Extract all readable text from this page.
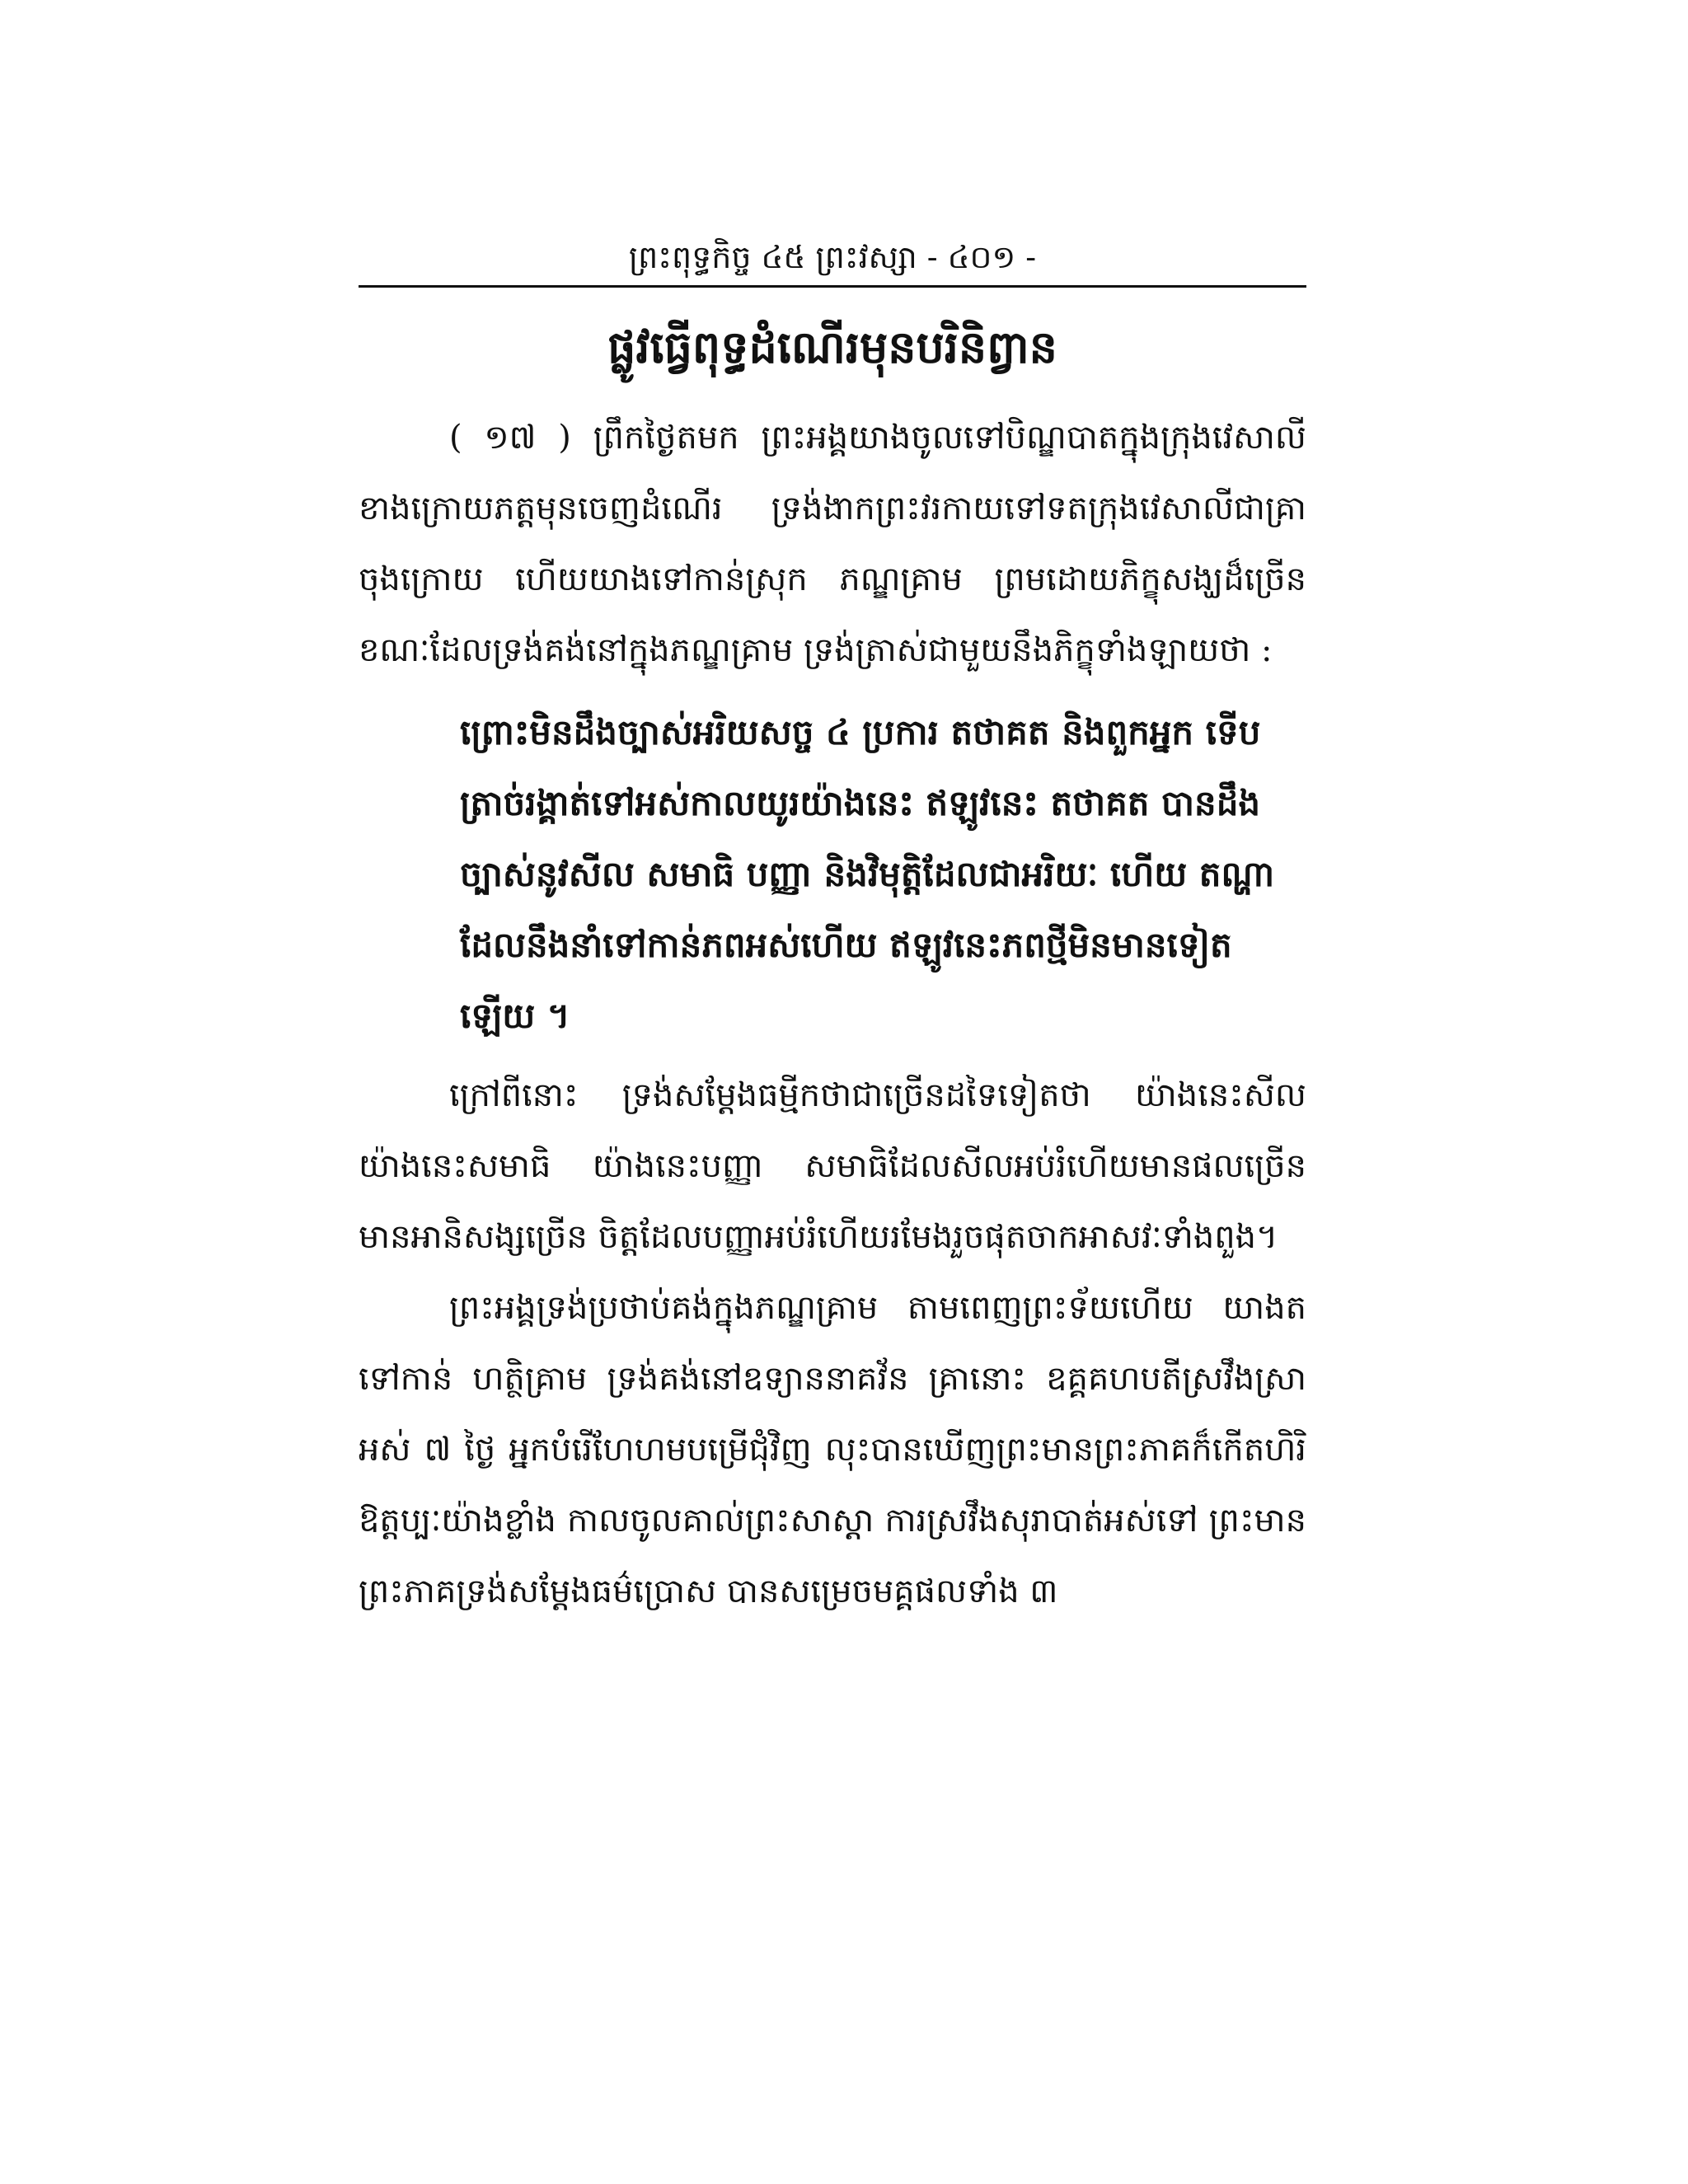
ព្រះពុទ្ធកិច្ច ៤៥ ព្រះវស្សា - ៤០១ -
ផ្លូវធ្វើពុទ្ធដំណើរមុនបរិនិព្វាន
( ១៧ ) ព្រឹកថ្ងៃតមក ព្រះអង្គយាងចូលទៅបិណ្ឌបាតក្នុងក្រុងវេសាលី ខាងក្រោយភត្តមុនចេញដំណើរ ទ្រង់ងាកព្រះវរកាយទៅទតក្រុងវេសាលីជាគ្រាចុងក្រោយ ហើយយាងទៅកាន់ស្រុក ភណ្ឌគ្រាម ព្រមដោយភិក្ខុសង្ឃដ៏ច្រើន ខណៈដែលទ្រង់គង់នៅក្នុងភណ្ឌគ្រាម ទ្រង់ត្រាស់ជាមួយនឹងភិក្ខុទាំងឡាយថា :
ព្រោះមិនដឹងច្បាស់អរិយសច្ច ៤ ប្រការ តថាគត និងពួកអ្នក ទើបត្រាច់រង្គាត់ទៅអស់កាលយូរយ៉ាងនេះ ឥឡូវនេះ តថាគត បានដឹងច្បាស់នូវសីល សមាធិ បញ្ញា និងវិមុត្តិដែលជាអរិយៈ ហើយ តណ្ហាដែលនឹងនាំទៅកាន់ភពអស់ហើយ ឥឡូវនេះភពថ្មីមិនមានទៀតឡើយ ។
ក្រៅពីនោះ ទ្រង់សម្តែងធម្មីកថាជាច្រើនដទៃទៀតថា យ៉ាងនេះសីល យ៉ាងនេះសមាធិ យ៉ាងនេះបញ្ញា សមាធិដែលសីលអប់រំហើយមានផលច្រើន មានអានិសង្សច្រើន ចិត្តដែលបញ្ញាអប់រំហើយរមែងរួចផុតចាកអាសវៈទាំងពួង។
ព្រះអង្គទ្រង់ប្រថាប់គង់ក្នុងភណ្ឌគ្រាម តាមពេញព្រះទ័យហើយ យាងតទៅកាន់ ហត្ថិគ្រាម ទ្រង់គង់នៅឧទ្យាននាគវ័ន គ្រានោះ ឧគ្គគហបតីស្រវឹងស្រាអស់ ៧ ថ្ងៃ អ្នកបំរើហែហមបម្រើជុំវិញ លុះបានឃើញព្រះមានព្រះភាគក៏កើតហិរិឱត្តប្បៈយ៉ាងខ្លាំង កាលចូលគាល់ព្រះសាស្តា ការស្រវឹងសុរាបាត់អស់ទៅ ព្រះមានព្រះភាគទ្រង់សម្តែងធម៌ប្រោស បានសម្រេចមគ្គផលទាំង ៣
